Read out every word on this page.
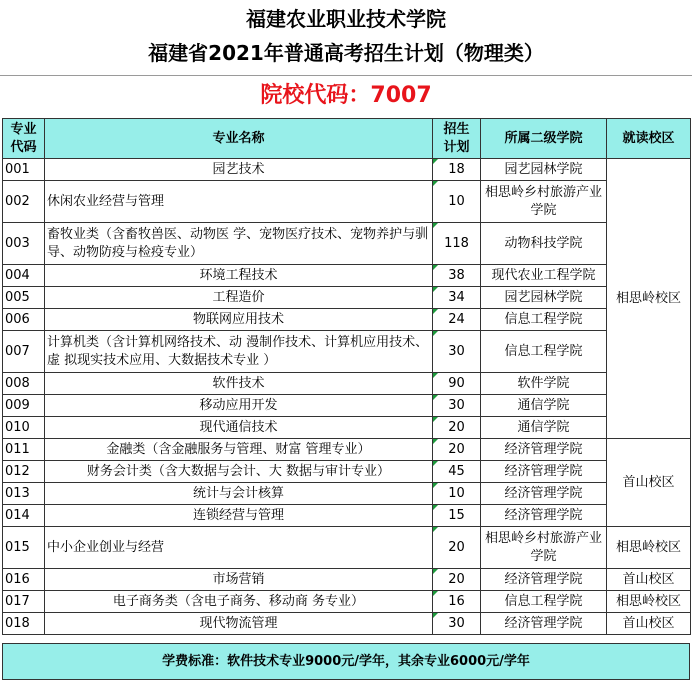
福建农业职业技术学院
福建省2021年普通高考招生计划（物理类）
院校代码：7007
专业
代码	专业名称	招生
计划	所属二级学院	就读校区
001	园艺技术	18	园艺园林学院	相思岭校区
002	休闲农业经营与管理	10	相思岭乡村旅游产业学院	
003	畜牧业类（含畜牧兽医、动物医 学、宠物医疗技术、宠物养护与驯 导、动物防疫与检疫专业）	118	动物科技学院	
004	环境工程技术	38	现代农业工程学院	
005	工程造价	34	园艺园林学院	
006	物联网应用技术	24	信息工程学院	
007	计算机类（含计算机网络技术、动 漫制作技术、计算机应用技术、虚 拟现实技术应用、大数据技术专业 ）	30	信息工程学院	
008	软件技术	90	软件学院	
009	移动应用开发	30	通信学院	
010	现代通信技术	20	通信学院	
011	金融类（含金融服务与管理、财富 管理专业）	20	经济管理学院	首山校区
012	财务会计类（含大数据与会计、大 数据与审计专业）	45	经济管理学院	
013	统计与会计核算	10	经济管理学院	
014	连锁经营与管理	15	经济管理学院	
015	中小企业创业与经营	20	相思岭乡村旅游产业学院	相思岭校区
016	市场营销	20	经济管理学院	首山校区
017	电子商务类（含电子商务、移动商 务专业）	16	信息工程学院	相思岭校区
018	现代物流管理	30	经济管理学院	首山校区
学费标准：软件技术专业9000元/学年，其余专业6000元/学年
